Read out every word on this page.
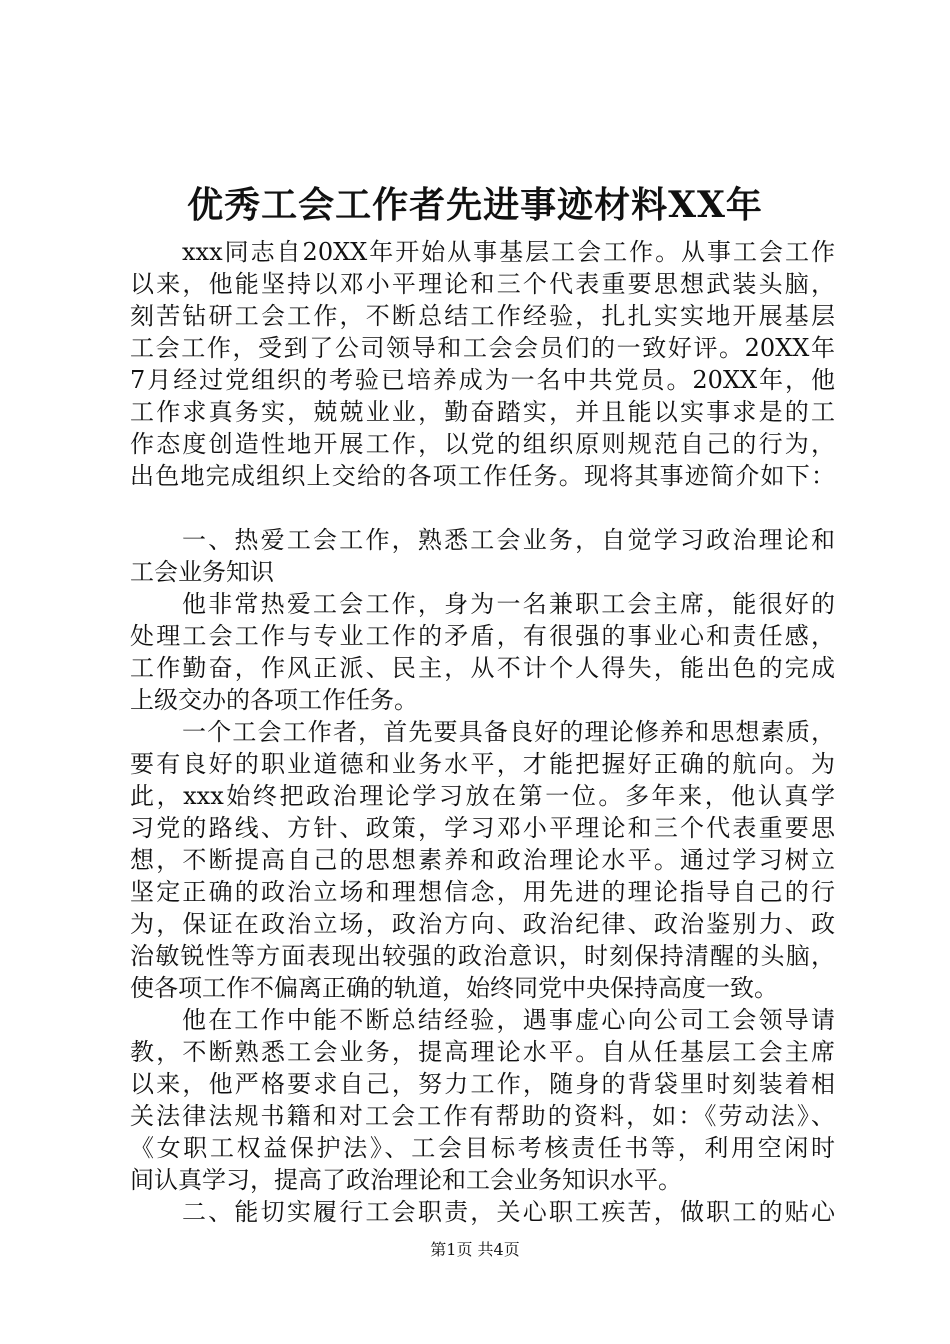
优秀工会工作者先进事迹材料XX年
xxx同志自20XX年开始从事基层工会工作。从事工会工作
以来，他能坚持以邓小平理论和三个代表重要思想武装头脑，
刻苦钻研工会工作，不断总结工作经验，扎扎实实地开展基层
工会工作，受到了公司领导和工会会员们的一致好评。20XX年
7月经过党组织的考验已培养成为一名中共党员。20XX年，他
工作求真务实，兢兢业业，勤奋踏实，并且能以实事求是的工
作态度创造性地开展工作，以党的组织原则规范自己的行为，
出色地完成组织上交给的各项工作任务。现将其事迹简介如下：
一、热爱工会工作，熟悉工会业务，自觉学习政治理论和
工会业务知识
他非常热爱工会工作，身为一名兼职工会主席，能很好的
处理工会工作与专业工作的矛盾，有很强的事业心和责任感，
工作勤奋，作风正派、民主，从不计个人得失，能出色的完成
上级交办的各项工作任务。
一个工会工作者，首先要具备良好的理论修养和思想素质，
要有良好的职业道德和业务水平，才能把握好正确的航向。为
此，xxx始终把政治理论学习放在第一位。多年来，他认真学
习党的路线、方针、政策，学习邓小平理论和三个代表重要思
想，不断提高自己的思想素养和政治理论水平。通过学习树立
坚定正确的政治立场和理想信念，用先进的理论指导自己的行
为，保证在政治立场，政治方向、政治纪律、政治鉴别力、政
治敏锐性等方面表现出较强的政治意识，时刻保持清醒的头脑，
使各项工作不偏离正确的轨道，始终同党中央保持高度一致。
他在工作中能不断总结经验，遇事虚心向公司工会领导请
教，不断熟悉工会业务，提高理论水平。自从任基层工会主席
以来，他严格要求自己，努力工作，随身的背袋里时刻装着相
关法律法规书籍和对工会工作有帮助的资料，如：《劳动法》、
《女职工权益保护法》、工会目标考核责任书等，利用空闲时
间认真学习，提高了政治理论和工会业务知识水平。
二、能切实履行工会职责，关心职工疾苦，做职工的贴心
第1页 共4页
